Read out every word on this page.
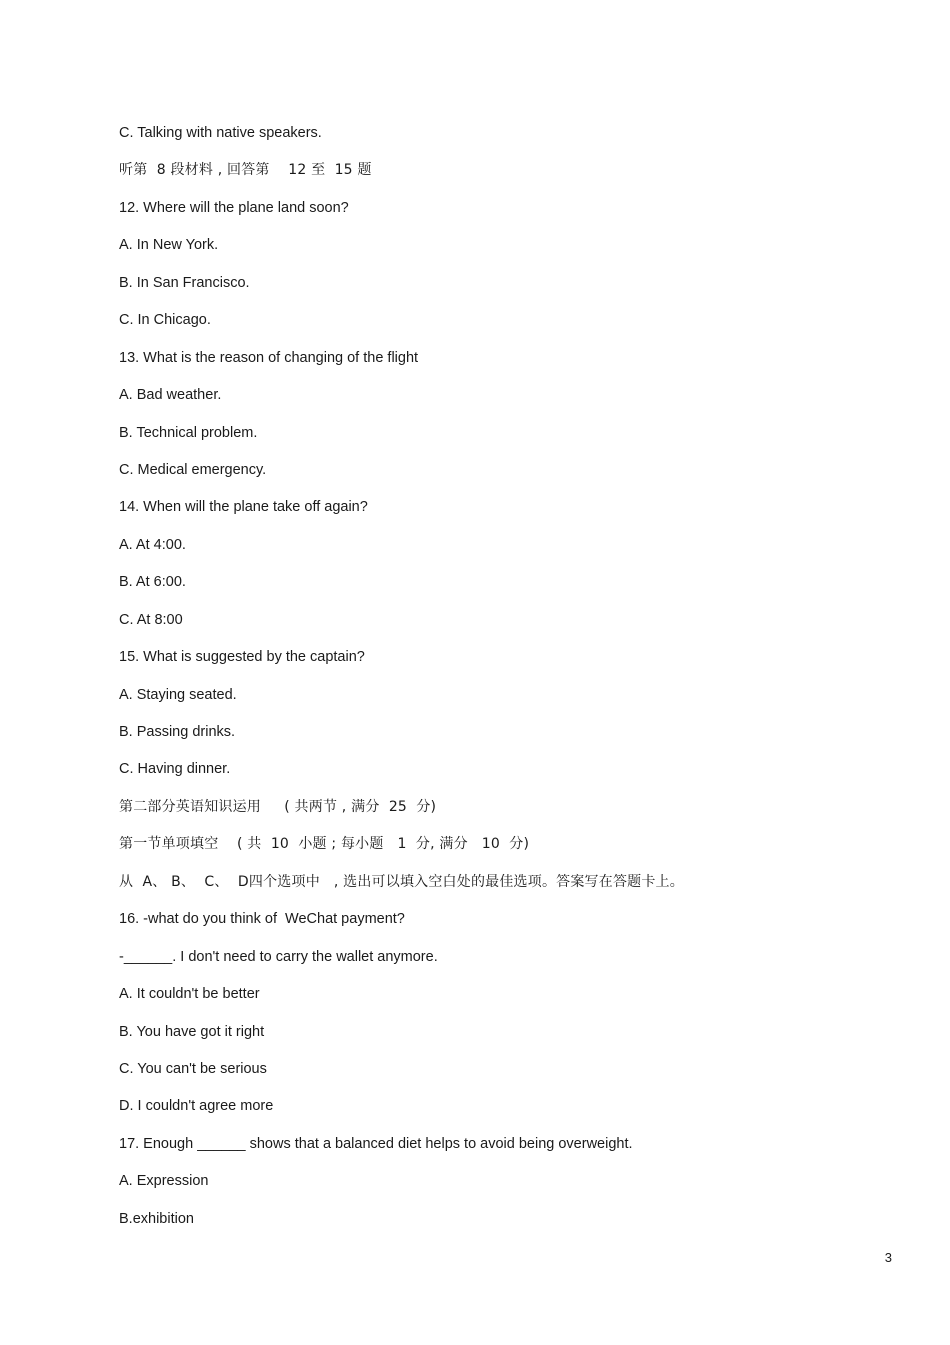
C. Talking with native speakers.
听第  8 段材料 , 回答第    12 至  15 题
12. Where will the plane land soon?
A. In New York.
B. In San Francisco.
C. In Chicago.
13. What is the reason of changing of the flight
A. Bad weather.
B. Technical problem.
C. Medical emergency.
14. When will the plane take off again?
A. At 4:00.
B. At 6:00.
C. At 8:00
15. What is suggested by the captain?
A. Staying seated.
B. Passing drinks.
C. Having dinner.
第二部分英语知识运用     ( 共两节 , 满分  25  分)
第一节单项填空    ( 共  10  小题 ; 每小题   1  分, 满分   10  分)
从  A、 B、  C、  D四个选项中   , 选出可以填入空白处的最佳选项。答案写在答题卡上。
16. -what do you think of  WeChat payment?
-______. I don't need to carry the wallet anymore.
A. It couldn't be better
B. You have got it right
C. You can't be serious
D. I couldn't agree more
17. Enough ______ shows that a balanced diet helps to avoid being overweight.
A. Expression
B.exhibition
3
